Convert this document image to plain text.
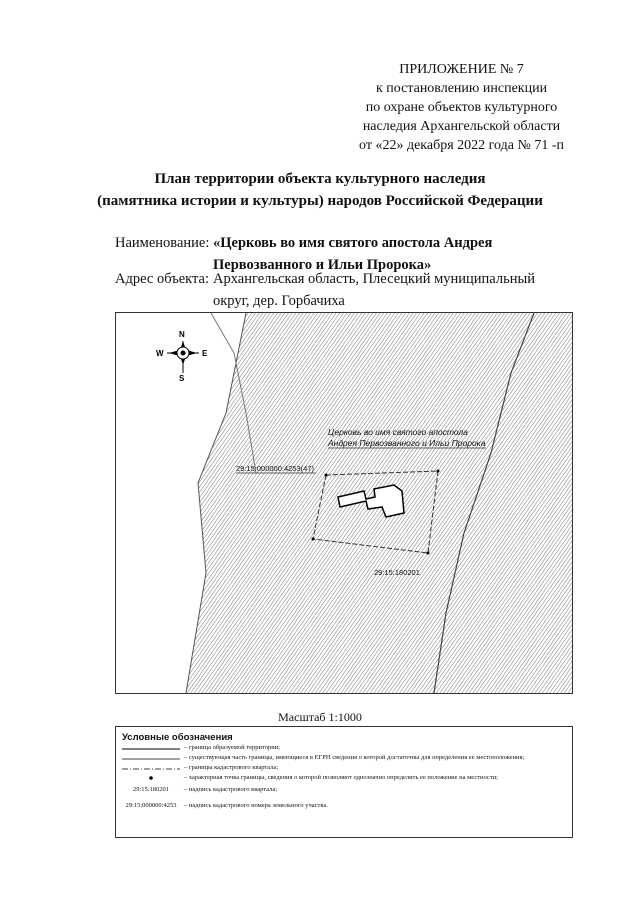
ПРИЛОЖЕНИЕ № 7
к постановлению инспекции
по охране объектов культурного
наследия Архангельской области
от «22» декабря 2022 года № 71 -п
План территории объекта культурного наследия
(памятника истории и культуры) народов Российской Федерации
Наименование: «Церковь во имя святого апостола Андрея Первозванного и Ильи Пророка»
Адрес объекта: Архангельская область, Плесецкий муниципальный округ, дер. Горбачиха
Церковь во имя святого апостола
Андрея Первозванного и Ильи Пророка
29:15:000000:4253(47)
29:15:180201
N
S
W	E
Масштаб 1:1000
Условные обозначения
– граница образуемой территории;
– существующая часть границы, имеющиеся в ЕГРН сведения о которой достаточны для определения ее местоположения;
– границы кадастрового квартала;
– характерная точка границы, сведения о которой позволяют однозначно определить ее положение на местности;
29:15:180201	– надпись кадастрового квартала;
29:15:000000:4253	– надпись кадастрового номера земельного участка.
